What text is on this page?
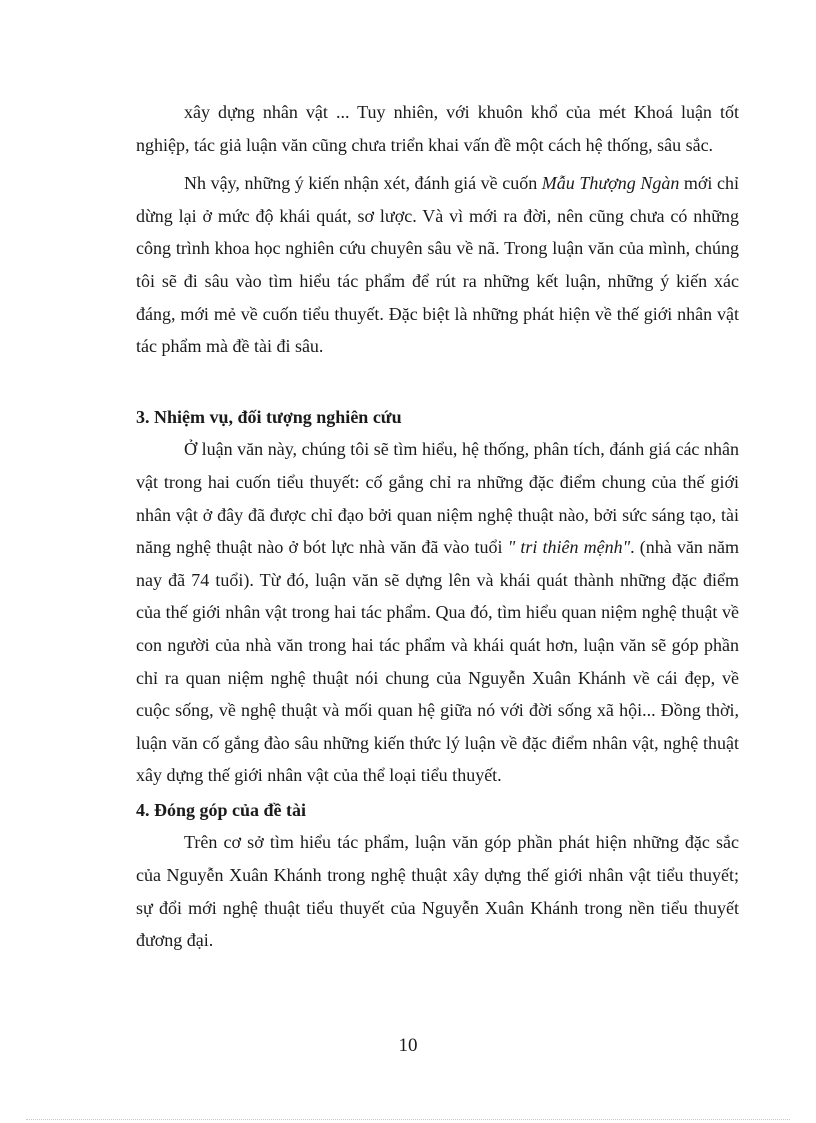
xây dựng nhân vật ... Tuy nhiên, với khuôn khổ của mét Khoá luận tốt nghiệp, tác giả luận văn cũng chưa triển khai vấn đề một cách hệ thống, sâu sắc.

Nh vậy, những ý kiến nhận xét, đánh giá về cuốn Mẫu Thượng Ngàn mới chỉ dừng lại ở mức độ khái quát, sơ lược. Và vì mới ra đời, nên cũng chưa có những công trình khoa học nghiên cứu chuyên sâu về nã. Trong luận văn của mình, chúng tôi sẽ đi sâu vào tìm hiểu tác phẩm để rút ra những kết luận, những ý kiến xác đáng, mới mẻ về cuốn tiểu thuyết. Đặc biệt là những phát hiện về thế giới nhân vật tác phẩm mà đề tài đi sâu.

3. Nhiệm vụ, đối tượng nghiên cứu

Ở luận văn này, chúng tôi sẽ tìm hiểu, hệ thống, phân tích, đánh giá các nhân vật trong hai cuốn tiểu thuyết: cố gắng chỉ ra những đặc điểm chung của thế giới nhân vật ở đây đã được chỉ đạo bởi quan niệm nghệ thuật nào, bởi sức sáng tạo, tài năng nghệ thuật nào ở bót lực nhà văn đã vào tuổi " tri thiên mệnh". (nhà văn năm nay đã 74 tuổi). Từ đó, luận văn sẽ dựng lên và khái quát thành những đặc điểm của thế giới nhân vật trong hai tác phẩm. Qua đó, tìm hiểu quan niệm nghệ thuật về con người của nhà văn trong hai tác phẩm và khái quát hơn, luận văn sẽ góp phần chỉ ra quan niệm nghệ thuật nói chung của Nguyễn Xuân Khánh về cái đẹp, về cuộc sống, về nghệ thuật và mối quan hệ giữa nó với đời sống xã hội... Đồng thời, luận văn cố gắng đào sâu những kiến thức lý luận về đặc điểm nhân vật, nghệ thuật xây dựng thế giới nhân vật của thể loại tiểu thuyết.

4. Đóng góp của đề tài

Trên cơ sở tìm hiểu tác phẩm, luận văn góp phần phát hiện những đặc sắc của Nguyễn Xuân Khánh trong nghệ thuật xây dựng thế giới nhân vật tiểu thuyết; sự đổi mới nghệ thuật tiểu thuyết của Nguyễn Xuân Khánh trong nền tiểu thuyết đương đại.

10
